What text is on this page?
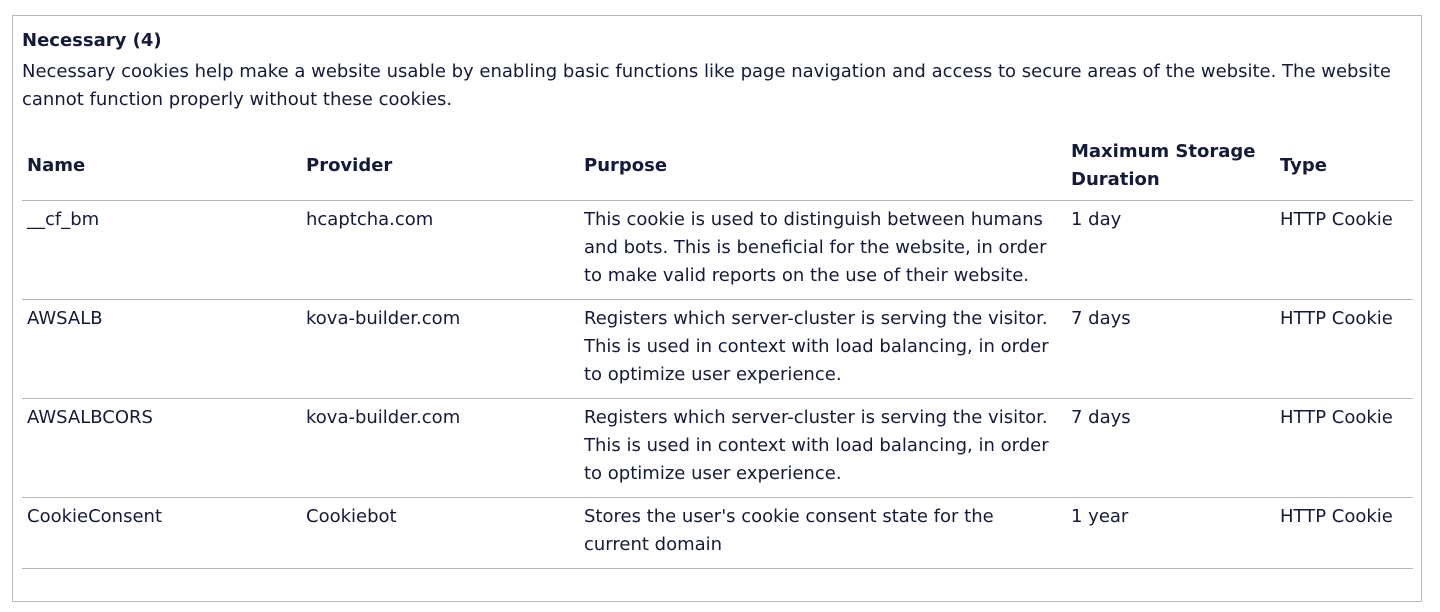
Necessary (4)
Necessary cookies help make a website usable by enabling basic functions like page navigation and access to secure areas of the website. The website cannot function properly without these cookies.
Name	Provider	Purpose	Maximum Storage Duration	Type
__cf_bm	hcaptcha.com	This cookie is used to distinguish between humans and bots. This is beneficial for the website, in order to make valid reports on the use of their website.	1 day	HTTP Cookie
AWSALB	kova-builder.com	Registers which server-cluster is serving the visitor. This is used in context with load balancing, in order to optimize user experience.	7 days	HTTP Cookie
AWSALBCORS	kova-builder.com	Registers which server-cluster is serving the visitor. This is used in context with load balancing, in order to optimize user experience.	7 days	HTTP Cookie
CookieConsent	Cookiebot	Stores the user's cookie consent state for the current domain	1 year	HTTP Cookie
